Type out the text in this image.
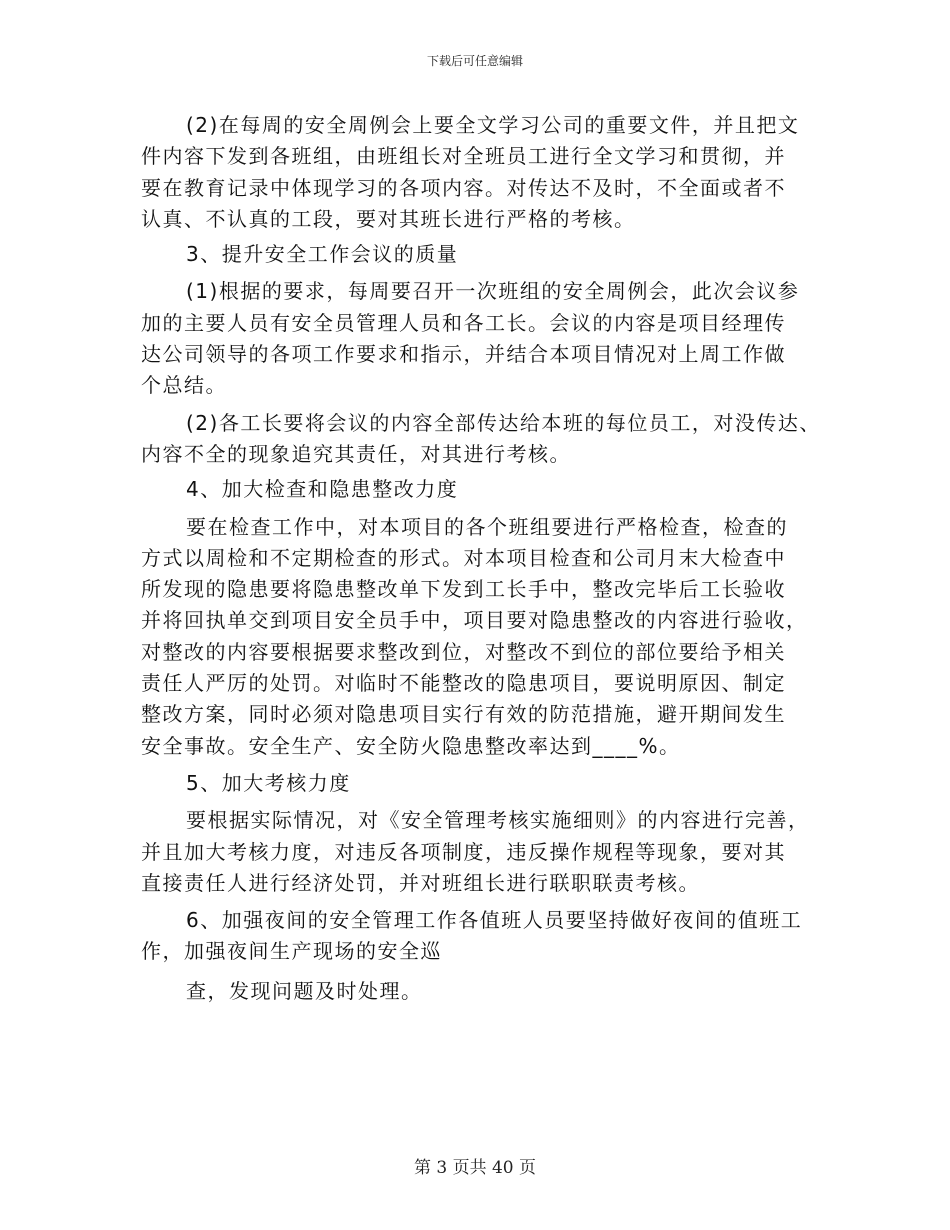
下载后可任意编辑
(2)在每周的安全周例会上要全文学习公司的重要文件，并且把文
件内容下发到各班组，由班组长对全班员工进行全文学习和贯彻，并
要在教育记录中体现学习的各项内容。对传达不及时，不全面或者不
认真、不认真的工段，要对其班长进行严格的考核。
3、提升安全工作会议的质量
(1)根据的要求，每周要召开一次班组的安全周例会，此次会议参
加的主要人员有安全员管理人员和各工长。会议的内容是项目经理传
达公司领导的各项工作要求和指示，并结合本项目情况对上周工作做
个总结。
(2)各工长要将会议的内容全部传达给本班的每位员工，对没传达、
内容不全的现象追究其责任，对其进行考核。
4、加大检查和隐患整改力度
要在检查工作中，对本项目的各个班组要进行严格检查，检查的
方式以周检和不定期检查的形式。对本项目检查和公司月末大检查中
所发现的隐患要将隐患整改单下发到工长手中，整改完毕后工长验收
并将回执单交到项目安全员手中，项目要对隐患整改的内容进行验收，
对整改的内容要根据要求整改到位，对整改不到位的部位要给予相关
责任人严厉的处罚。对临时不能整改的隐患项目，要说明原因、制定
整改方案，同时必须对隐患项目实行有效的防范措施，避开期间发生
安全事故。安全生产、安全防火隐患整改率达到____%。
5、加大考核力度
要根据实际情况，对《安全管理考核实施细则》的内容进行完善，
并且加大考核力度，对违反各项制度，违反操作规程等现象，要对其
直接责任人进行经济处罚，并对班组长进行联职联责考核。
6、加强夜间的安全管理工作各值班人员要坚持做好夜间的值班工
作，加强夜间生产现场的安全巡
查，发现问题及时处理。
第 3 页共 40 页
